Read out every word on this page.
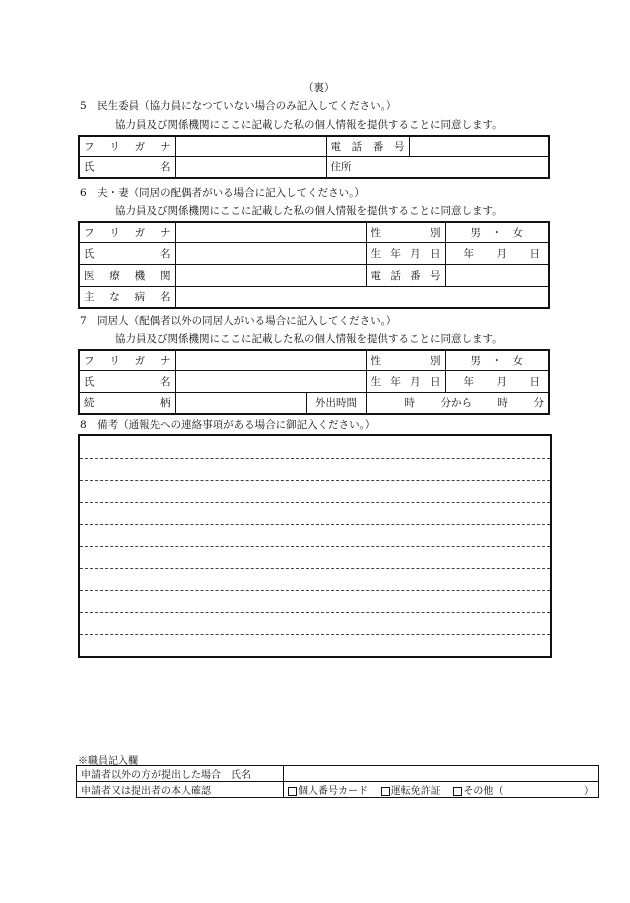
（裏）
5　民生委員（協力員になつていない場合のみ記入してください。）
協力員及び関係機関にここに記載した私の個人情報を提供することに同意します。
フ リ ガ ナ		電 話 番 号	

氏 名		住所	
6　夫・妻（同居の配偶者がいる場合に記入してください。）
協力員及び関係機関にここに記載した私の個人情報を提供することに同意します。
フ リ ガ ナ		性 別	男　・　女

氏 名		生 年 月 日	年 月 日

医 療 機 関		電 話 番 号	

主 な 病 名			

7　同居人（配偶者以外の同居人がいる場合に記入してください。）
協力員及び関係機関にここに記載した私の個人情報を提供することに同意します。
フ リ ガ ナ			性 別	男　・　女

氏 名			生 年 月 日	年 月 日

続 柄		外出時間	時 分から 時 分	
8　備考（通報先への連絡事項がある場合に御記入ください。）
※職員記入欄
申請者以外の方が提出した場合　氏名	
申請者又は提出者の本人確認	個人番号カード 運転免許証 その他（ ）
